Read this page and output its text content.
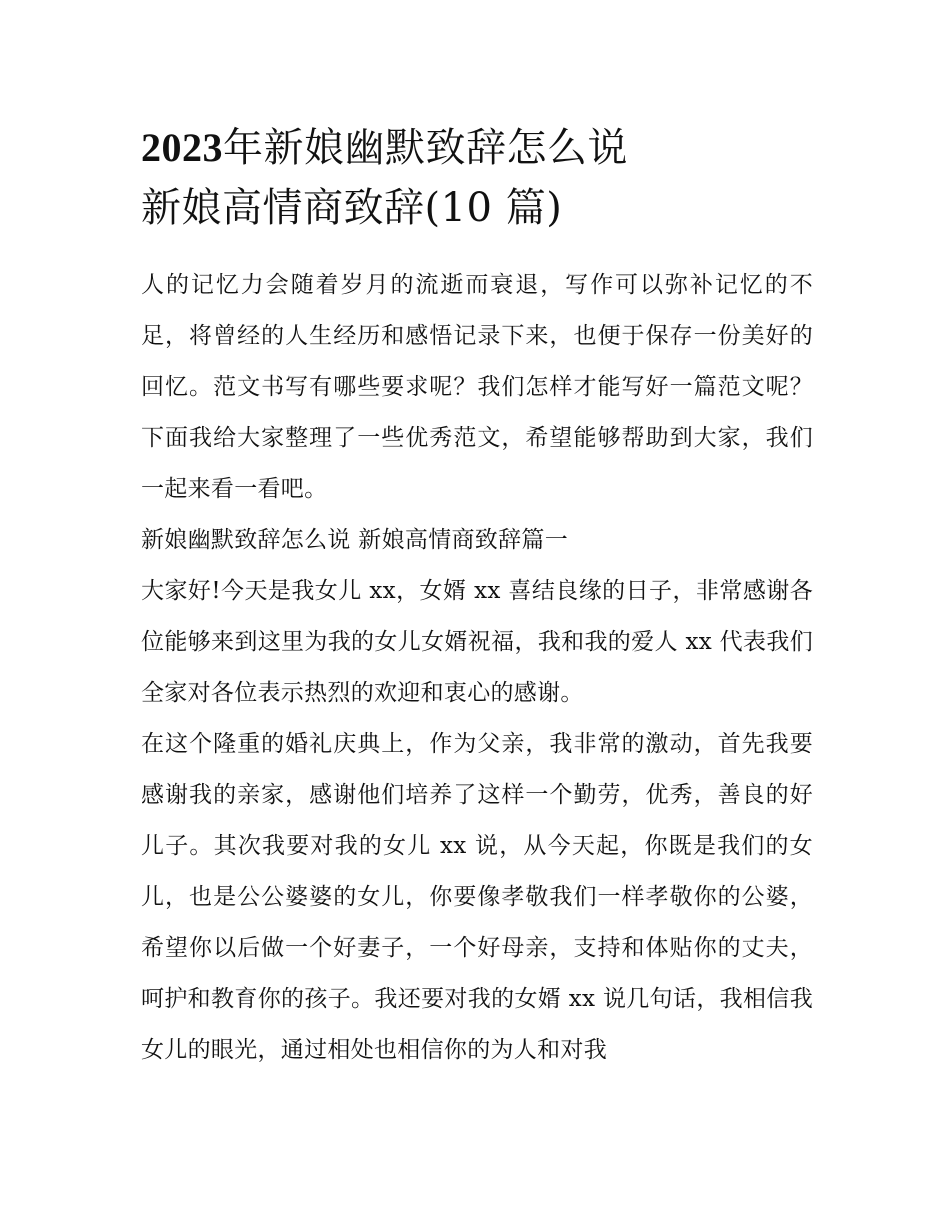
2023年新娘幽默致辞怎么说
新娘高情商致辞(10 篇)

人的记忆力会随着岁月的流逝而衰退，写作可以弥补记忆的不足，将曾经的人生经历和感悟记录下来，也便于保存一份美好的回忆。范文书写有哪些要求呢？我们怎样才能写好一篇范文呢？下面我给大家整理了一些优秀范文，希望能够帮助到大家，我们一起来看一看吧。

新娘幽默致辞怎么说 新娘高情商致辞篇一

大家好!今天是我女儿 xx，女婿 xx 喜结良缘的日子，非常感谢各位能够来到这里为我的女儿女婿祝福，我和我的爱人 xx 代表我们全家对各位表示热烈的欢迎和衷心的感谢。

在这个隆重的婚礼庆典上，作为父亲，我非常的激动，首先我要感谢我的亲家，感谢他们培养了这样一个勤劳，优秀，善良的好儿子。其次我要对我的女儿 xx 说，从今天起，你既是我们的女儿，也是公公婆婆的女儿，你要像孝敬我们一样孝敬你的公婆，希望你以后做一个好妻子，一个好母亲，支持和体贴你的丈夫，呵护和教育你的孩子。我还要对我的女婿 xx 说几句话，我相信我女儿的眼光，通过相处也相信你的为人和对我
